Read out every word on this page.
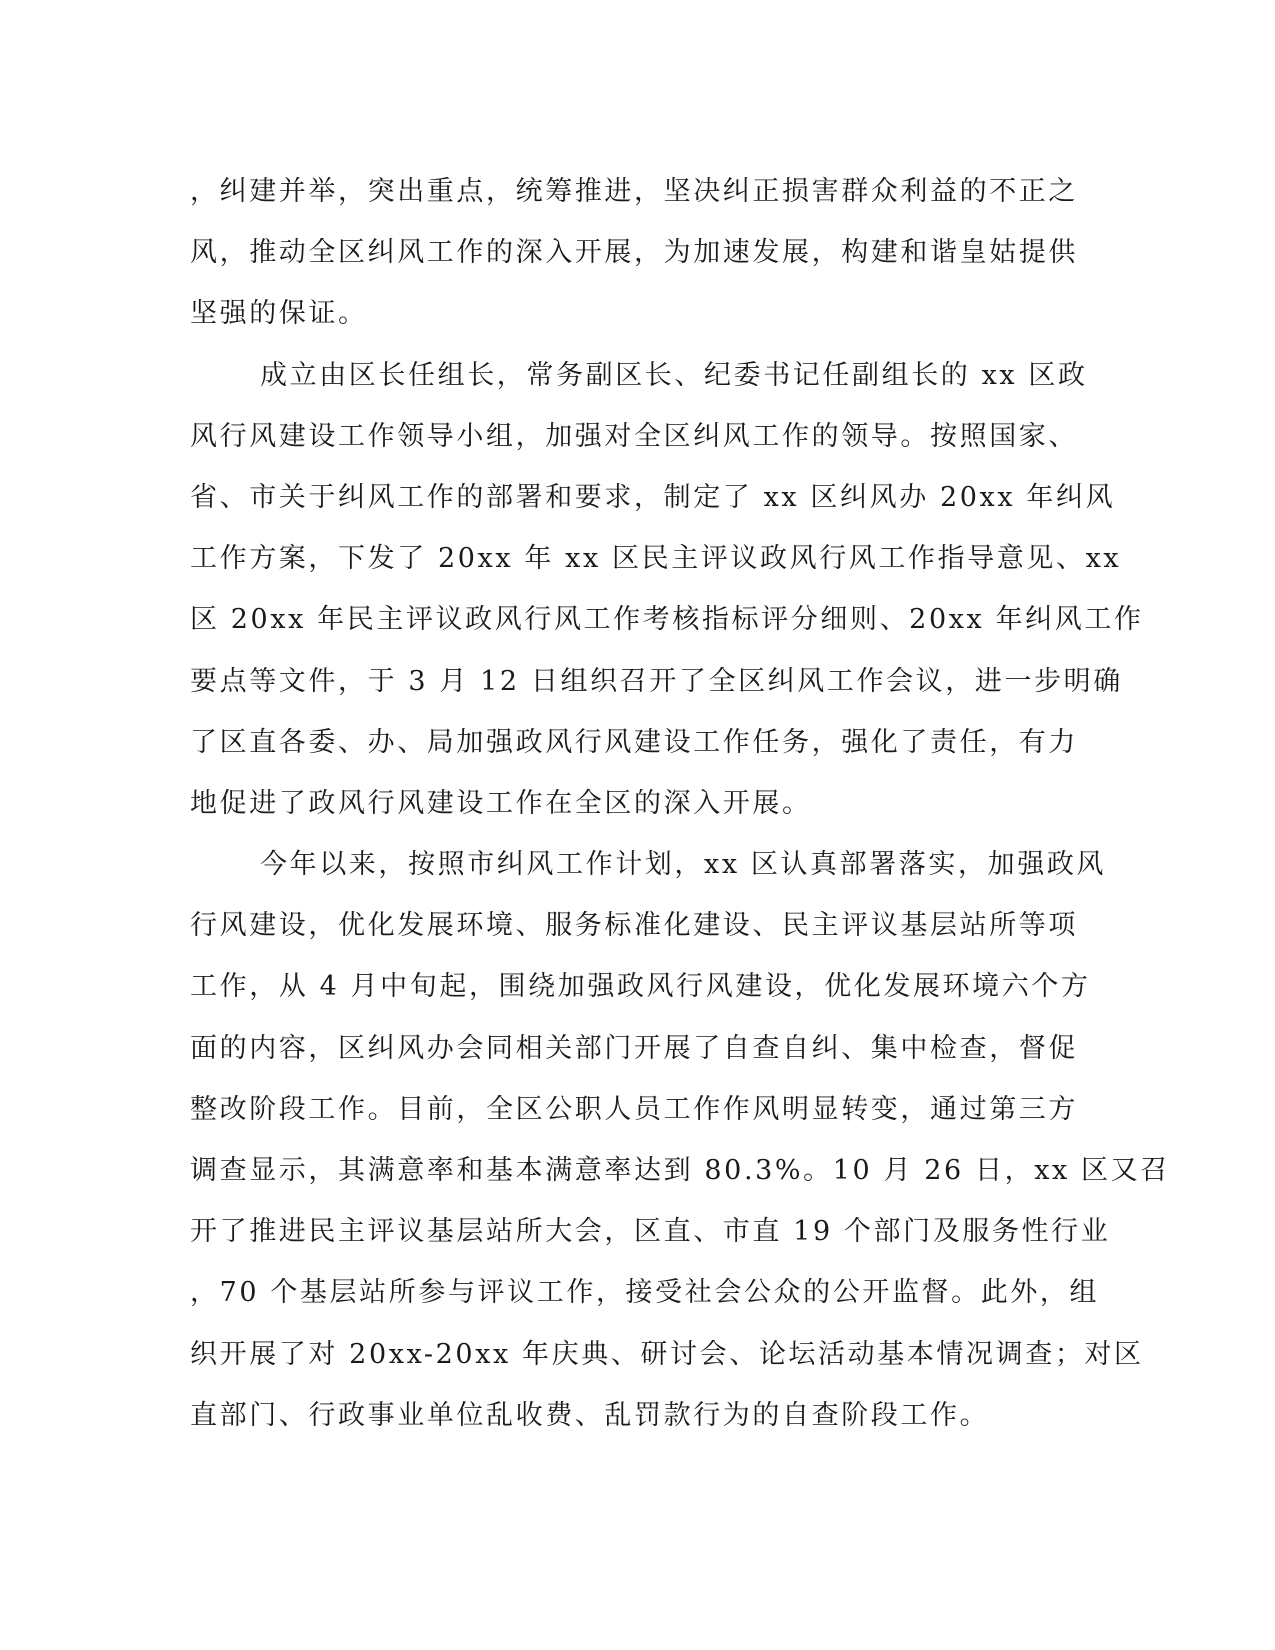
，纠建并举，突出重点，统筹推进，坚决纠正损害群众利益的不正之
风，推动全区纠风工作的深入开展，为加速发展，构建和谐皇姑提供
坚强的保证。
成立由区长任组长，常务副区长、纪委书记任副组长的 xx 区政
风行风建设工作领导小组，加强对全区纠风工作的领导。按照国家、
省、市关于纠风工作的部署和要求，制定了 xx 区纠风办 20xx 年纠风
工作方案，下发了 20xx 年 xx 区民主评议政风行风工作指导意见、xx
区 20xx 年民主评议政风行风工作考核指标评分细则、20xx 年纠风工作
要点等文件，于 3 月 12 日组织召开了全区纠风工作会议，进一步明确
了区直各委、办、局加强政风行风建设工作任务，强化了责任，有力
地促进了政风行风建设工作在全区的深入开展。
今年以来，按照市纠风工作计划，xx 区认真部署落实，加强政风
行风建设，优化发展环境、服务标准化建设、民主评议基层站所等项
工作，从 4 月中旬起，围绕加强政风行风建设，优化发展环境六个方
面的内容，区纠风办会同相关部门开展了自查自纠、集中检查，督促
整改阶段工作。目前，全区公职人员工作作风明显转变，通过第三方
调查显示，其满意率和基本满意率达到 80.3%。10 月 26 日，xx 区又召
开了推进民主评议基层站所大会，区直、市直 19 个部门及服务性行业
，70 个基层站所参与评议工作，接受社会公众的公开监督。此外，组
织开展了对 20xx-20xx 年庆典、研讨会、论坛活动基本情况调查；对区
直部门、行政事业单位乱收费、乱罚款行为的自查阶段工作。
